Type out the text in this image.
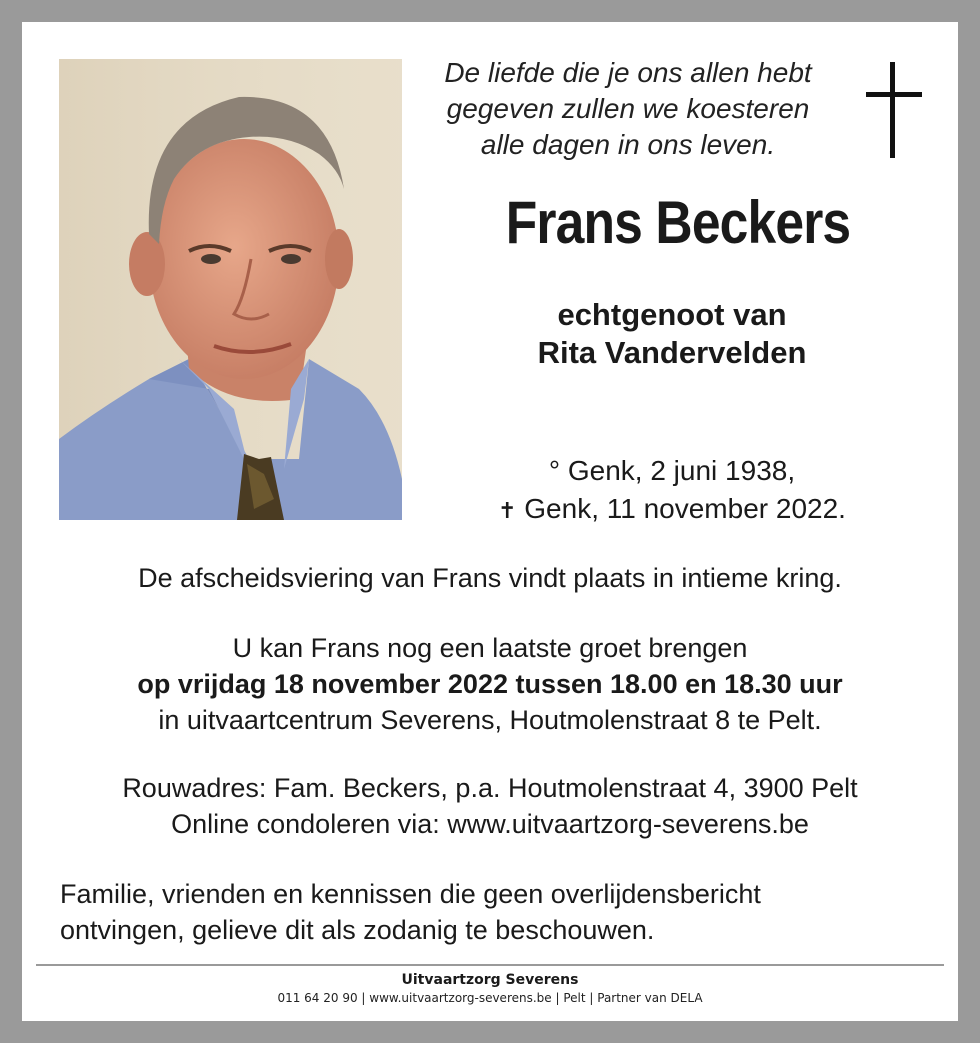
De liefde die je ons allen hebt
gegeven zullen we koesteren
alle dagen in ons leven.
Frans Beckers
echtgenoot van
Rita Vandervelden
° Genk, 2 juni 1938,
✝ Genk, 11 november 2022.
De afscheidsviering van Frans vindt plaats in intieme kring.
U kan Frans nog een laatste groet brengen
op vrijdag 18 november 2022 tussen 18.00 en 18.30 uur
in uitvaartcentrum Severens, Houtmolenstraat 8 te Pelt.
Rouwadres: Fam. Beckers, p.a. Houtmolenstraat 4, 3900 Pelt
Online condoleren via: www.uitvaartzorg-severens.be
Familie, vrienden en kennissen die geen overlijdensbericht
ontvingen, gelieve dit als zodanig te beschouwen.
Uitvaartzorg Severens
011 64 20 90 | www.uitvaartzorg-severens.be | Pelt | Partner van DELA
